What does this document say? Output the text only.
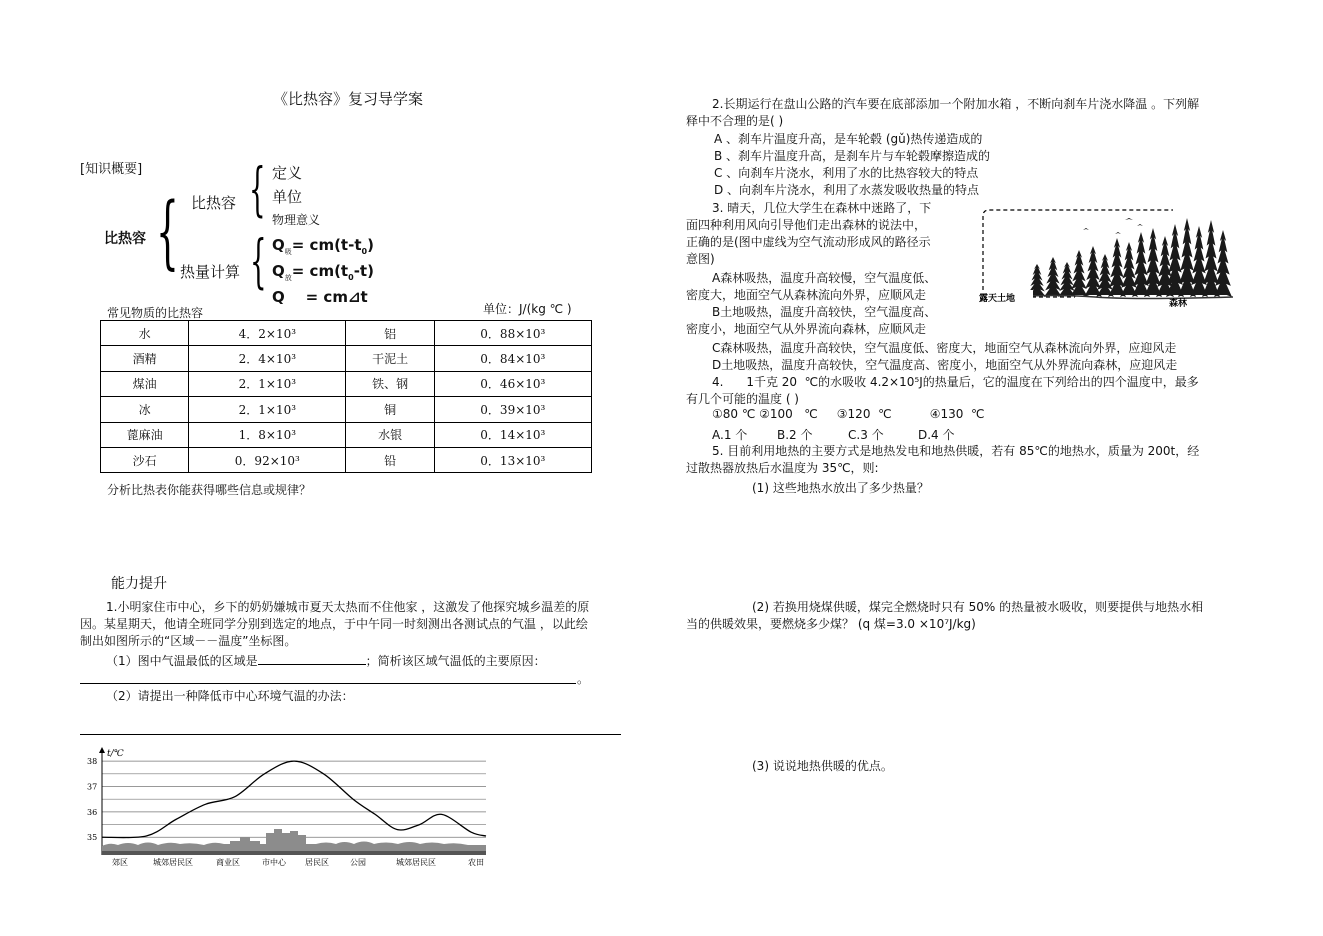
《比热容》复习导学案
[知识概要]
比热容 { 比热容 { 定义
单位
物理意义
热量计算 { $Q_吸= cm(t-t_0)$
$Q_放= cm(t_0-t)$
Q    = cm⊿t
常见物质的比热容	单位：J/(kg ℃ )
水	4．2×10³	铝	0．88×10³
酒精	2．4×10³	干泥土	0．84×10³
煤油	2．1×10³	铁、钢	0．46×10³
冰	2．1×10³	铜	0．39×10³
蓖麻油	1．8×10³	水银	0．14×10³
沙石	0．92×10³	铅	0．13×10³
分析比热表你能获得哪些信息或规律？
能力提升
1.小明家住市中心，乡下的奶奶嫌城市夏天太热而不住他家 ，这激发了他探究城乡温差的原
因。某星期天，他请全班同学分别到选定的地点，于中午同一时刻测出各测试点的气温 ，以此绘
制出如图所示的“区域－－温度”坐标图。
（1）图中气温最低的区域是	；简析该区域气温低的主要原因：
。
（2）请提出一种降低市中心环境气温的办法：
t/℃
35
36
37
38
郊区	城郊居民区	商业区	市中心 居民区	公园	城郊居民区	农田
2.长期运行在盘山公路的汽车要在底部添加一个附加水箱 ，不断向刹车片浇水降温 。下列解
释中不合理的是( )
A 、刹车片温度升高，是车轮毂 (gǔ)热传递造成的
B 、刹车片温度升高，是刹车片与车轮毂摩擦造成的
C 、向刹车片浇水，利用了水的比热容较大的特点
D 、向刹车片浇水，利用了水蒸发吸收热量的特点
3. 晴天，几位大学生在森林中迷路了，下
面四种利用风向引导他们走出森林的说法中，
正确的是(图中虚线为空气流动形成风的路径示
意图)
A森林吸热，温度升高较慢，空气温度低、
密度大，地面空气从森林流向外界，应顺风走
B土地吸热，温度升高较快，空气温度高、
密度小，地面空气从外界流向森林，应顺风走
C森林吸热，温度升高较快，空气温度低、密度大，地面空气从森林流向外界，应迎风走
D土地吸热，温度升高较快，空气温度高、密度小，地面空气从外界流向森林，应迎风走
露天土地	森林
4.      1千克 20  ℃的水吸收 4.2×10⁵J的热量后，它的温度在下列给出的四个温度中，最多
有几个可能的温度 ( )
①80 ℃ ②100   ℃     ③120  ℃          ④130  ℃
A.1 个 B.2 个	C.3 个	D.4 个
5. 目前利用地热的主要方式是地热发电和地热供暖，若有 85℃的地热水，质量为 200t，经
过散热器放热后水温度为 35℃，则:
(1) 这些地热水放出了多少热量？
(2) 若换用烧煤供暖，煤完全燃烧时只有 50% 的热量被水吸收，则要提供与地热水相
当的供暖效果，要燃烧多少煤？ (q 煤=3.0 ×10⁷J/kg)
(3) 说说地热供暖的优点。
